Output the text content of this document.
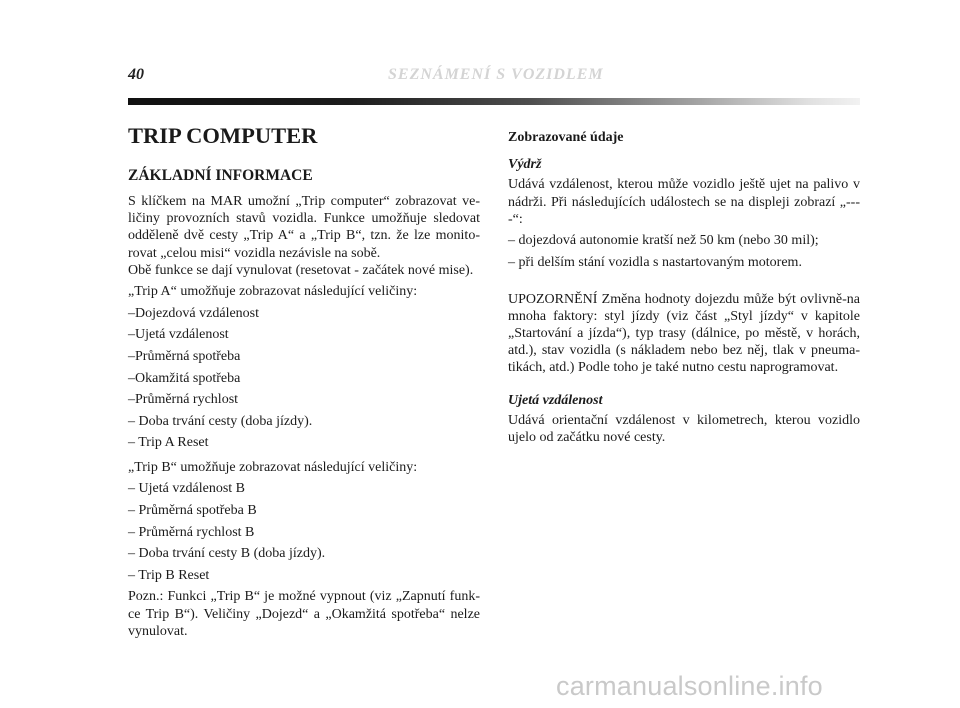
40	SEZNÁMENÍ S VOZIDLEM
TRIP COMPUTER
ZÁKLADNÍ INFORMACE

S klíčkem na MAR umožní „Trip computer“ zobrazovat ve-ličiny provozních stavů vozidla. Funkce umožňuje sledovat odděleně dvě cesty „Trip A“ a „Trip B“, tzn. že lze monito-rovat „celou misi“ vozidla nezávisle na sobě.

Obě funkce se dají vynulovat (resetovat - začátek nové mise).

„Trip A“ umožňuje zobrazovat následující veličiny:

–Dojezdová vzdálenost
–Ujetá vzdálenost
–Průměrná spotřeba
–Okamžitá spotřeba
–Průměrná rychlost
– Doba trvání cesty (doba jízdy).
– Trip A Reset

„Trip B“ umožňuje zobrazovat následující veličiny:

– Ujetá vzdálenost B
– Průměrná spotřeba B
– Průměrná rychlost B
– Doba trvání cesty B (doba jízdy).
– Trip B Reset

Pozn.: Funkci „Trip B“ je možné vypnout (viz „Zapnutí funk-ce Trip B“). Veličiny „Dojezd“ a „Okamžitá spotřeba“ nelze vynulovat.

Zobrazované údaje
Výdrž

Udává vzdálenost, kterou může vozidlo ještě ujet na palivo v nádrži. Při následujících událostech se na displeji zobrazí „----“:

– dojezdová autonomie kratší než 50 km (nebo 30 mil);
– při delším stání vozidla s nastartovaným motorem.

UPOZORNĚNÍ Změna hodnoty dojezdu může být ovlivně-na mnoha faktory: styl jízdy (viz část „Styl jízdy“ v kapitole „Startování a jízda“), typ trasy (dálnice, po městě, v horách, atd.), stav vozidla (s nákladem nebo bez něj, tlak v pneuma-tikách, atd.) Podle toho je také nutno cestu naprogramovat.

Ujetá vzdálenost

Udává orientační vzdálenost v kilometrech, kterou vozidlo ujelo od začátku nové cesty.

carmanualsonline.info
